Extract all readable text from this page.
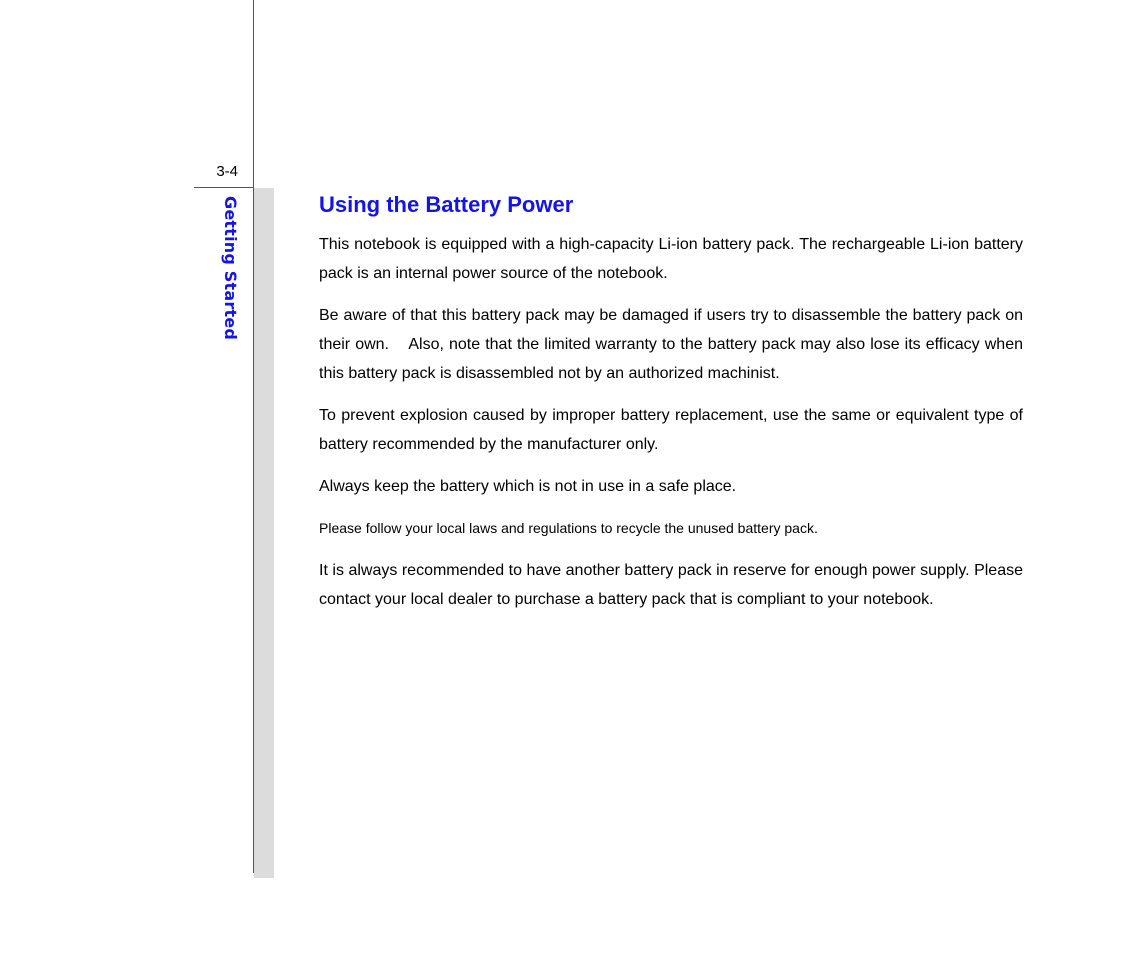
3-4
Getting Started	Using the Battery Power

This notebook is equipped with a high-capacity Li-ion battery pack. The rechargeable Li-ion battery pack is an internal power source of the notebook.

Be aware of that this battery pack may be damaged if users try to disassemble the battery pack on their own.    Also, note that the limited warranty to the battery pack may also lose its efficacy when this battery pack is disassembled not by an authorized machinist.

To prevent explosion caused by improper battery replacement, use the same or equivalent type of battery recommended by the manufacturer only.

Always keep the battery which is not in use in a safe place.

Please follow your local laws and regulations to recycle the unused battery pack.

It is always recommended to have another battery pack in reserve for enough power supply. Please contact your local dealer to purchase a battery pack that is compliant to your notebook.
